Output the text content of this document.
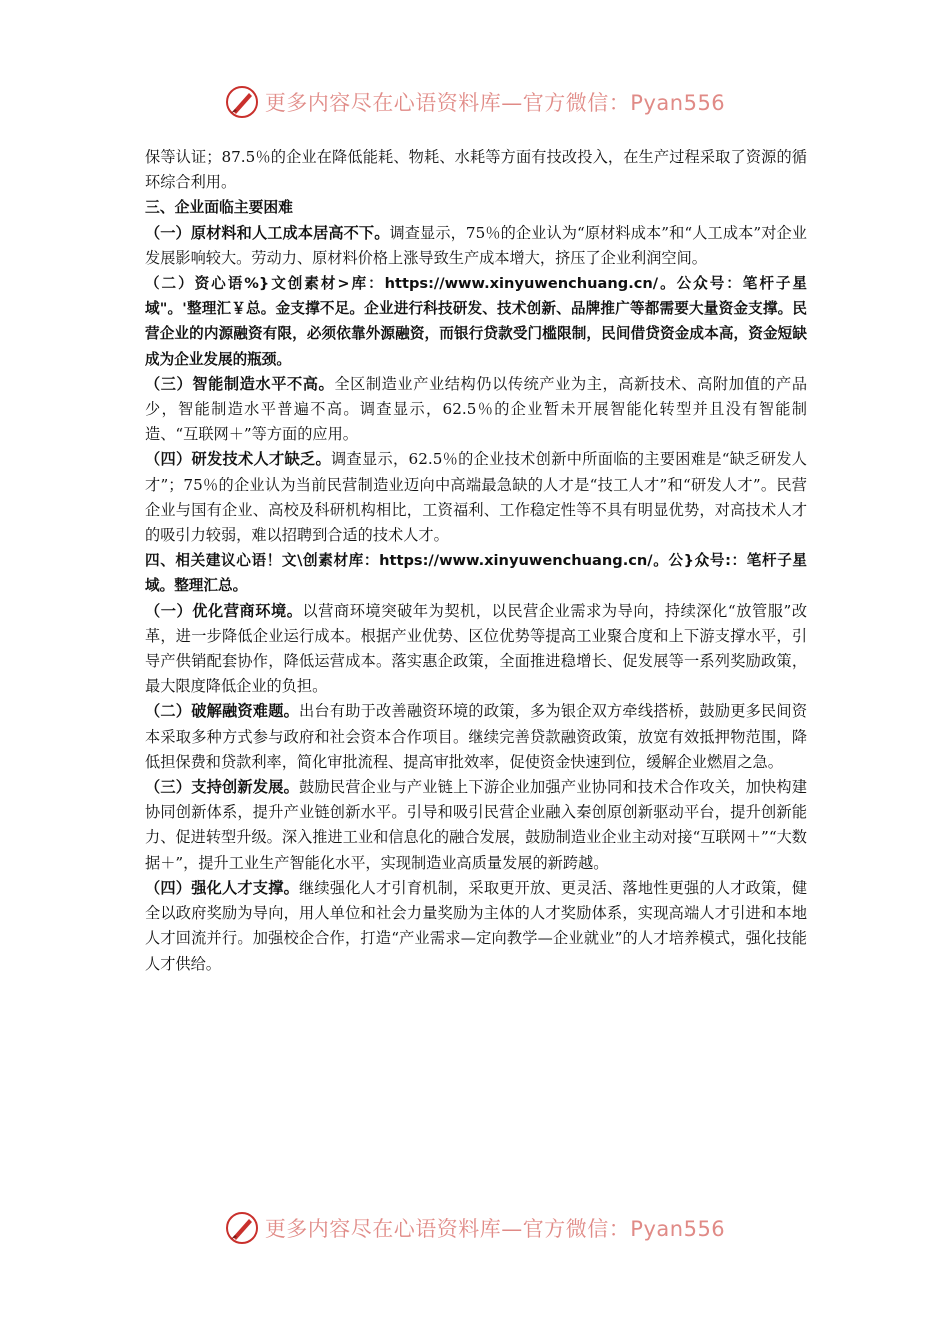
更多内容尽在心语资料库—官方微信：Pyan556

保等认证；87.5％的企业在降低能耗、物耗、水耗等方面有技改投入，在生产过程采取了资源的循环综合利用。

三、企业面临主要困难

（一）原材料和人工成本居高不下。调查显示，75％的企业认为“原材料成本”和“人工成本”对企业发展影响较大。劳动力、原材料价格上涨导致生产成本增大，挤压了企业利润空间。

（二）资心语%}文创素材>库：https://www.xinyuwenchuang.cn/。公众号：笔杆子星域"。'整理汇￥总。金支撑不足。企业进行科技研发、技术创新、品牌推广等都需要大量资金支撑。民营企业的内源融资有限，必须依靠外源融资，而银行贷款受门槛限制，民间借贷资金成本高，资金短缺成为企业发展的瓶颈。

（三）智能制造水平不高。全区制造业产业结构仍以传统产业为主，高新技术、高附加值的产品少，智能制造水平普遍不高。调查显示，62.5％的企业暂未开展智能化转型并且没有智能制造、“互联网＋”等方面的应用。

（四）研发技术人才缺乏。调查显示，62.5％的企业技术创新中所面临的主要困难是“缺乏研发人才”；75％的企业认为当前民营制造业迈向中高端最急缺的人才是“技工人才”和“研发人才”。民营企业与国有企业、高校及科研机构相比，工资福利、工作稳定性等不具有明显优势，对高技术人才的吸引力较弱，难以招聘到合适的技术人才。

四、相关建议心语！文\创素材库：https://www.xinyuwenchuang.cn/。公}众号:：笔杆子星域。整理汇总。

（一）优化营商环境。以营商环境突破年为契机，以民营企业需求为导向，持续深化“放管服”改革，进一步降低企业运行成本。根据产业优势、区位优势等提高工业聚合度和上下游支撑水平，引导产供销配套协作，降低运营成本。落实惠企政策，全面推进稳增长、促发展等一系列奖励政策，最大限度降低企业的负担。

（二）破解融资难题。出台有助于改善融资环境的政策，多为银企双方牵线搭桥，鼓励更多民间资本采取多种方式参与政府和社会资本合作项目。继续完善贷款融资政策，放宽有效抵押物范围，降低担保费和贷款利率，简化审批流程、提高审批效率，促使资金快速到位，缓解企业燃眉之急。

（三）支持创新发展。鼓励民营企业与产业链上下游企业加强产业协同和技术合作攻关，加快构建协同创新体系，提升产业链创新水平。引导和吸引民营企业融入秦创原创新驱动平台，提升创新能力、促进转型升级。深入推进工业和信息化的融合发展，鼓励制造业企业主动对接“互联网＋”“大数据＋”，提升工业生产智能化水平，实现制造业高质量发展的新跨越。

（四）强化人才支撑。继续强化人才引育机制，采取更开放、更灵活、落地性更强的人才政策，健全以政府奖励为导向，用人单位和社会力量奖励为主体的人才奖励体系，实现高端人才引进和本地人才回流并行。加强校企合作，打造“产业需求—定向教学—企业就业”的人才培养模式，强化技能人才供给。

更多内容尽在心语资料库—官方微信：Pyan556
